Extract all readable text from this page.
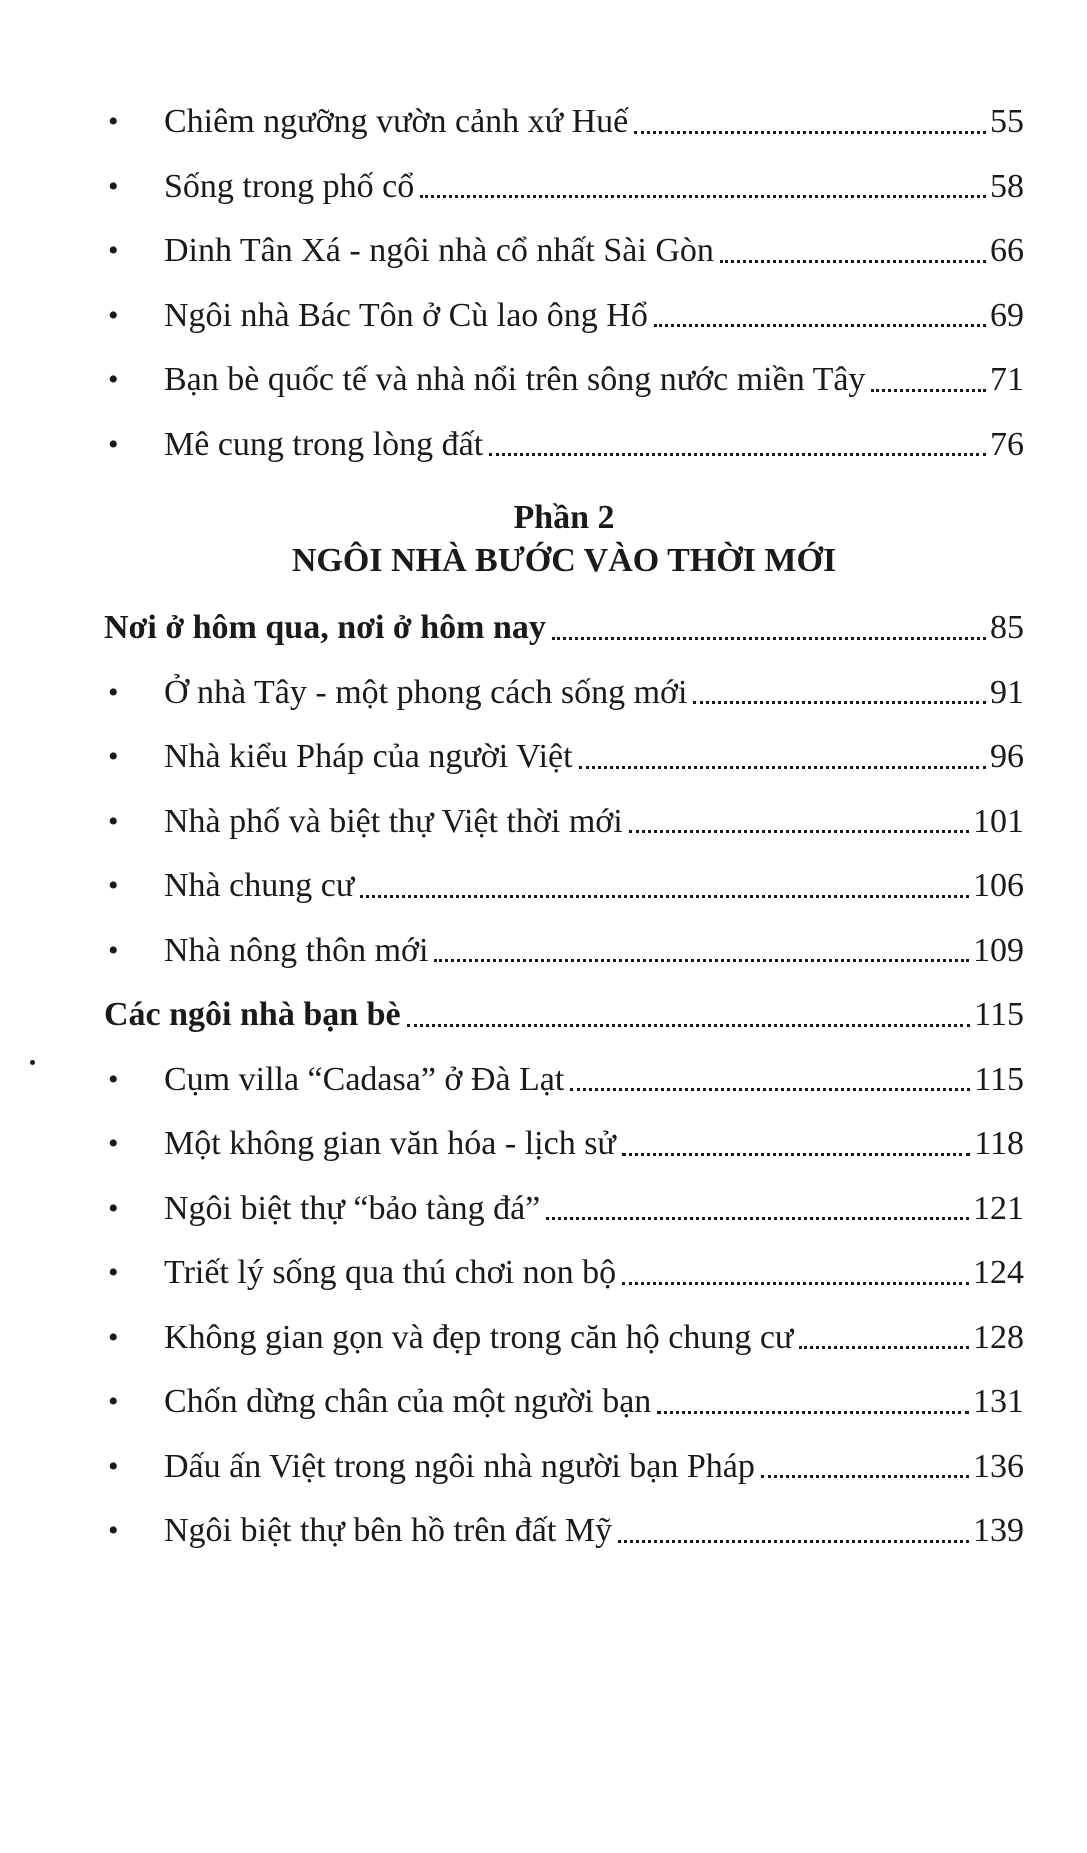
•	Chiêm ngưỡng vườn cảnh xứ Huế	55
•	Sống trong phố cổ	58
•	Dinh Tân Xá - ngôi nhà cổ nhất Sài Gòn	66
•	Ngôi nhà Bác Tôn ở Cù lao ông Hổ	69
•	Bạn bè quốc tế và nhà nổi trên sông nước miền Tây	71
•	Mê cung trong lòng đất	76
Phần 2
NGÔI NHÀ BƯỚC VÀO THỜI MỚI
Nơi ở hôm qua, nơi ở hôm nay	85
•	Ở nhà Tây - một phong cách sống mới	91
•	Nhà kiểu Pháp của người Việt	96
•	Nhà phố và biệt thự Việt thời mới	101
•	Nhà chung cư	106
•	Nhà nông thôn mới	109
Các ngôi nhà bạn bè	115
•	Cụm villa “Cadasa” ở Đà Lạt	115
•	Một không gian văn hóa - lịch sử	118
•	Ngôi biệt thự “bảo tàng đá”	121
•	Triết lý sống qua thú chơi non bộ	124
•	Không gian gọn và đẹp trong căn hộ chung cư	128
•	Chốn dừng chân của một người bạn	131
•	Dấu ấn Việt trong ngôi nhà người bạn Pháp	136
•	Ngôi biệt thự bên hồ trên đất Mỹ	139
